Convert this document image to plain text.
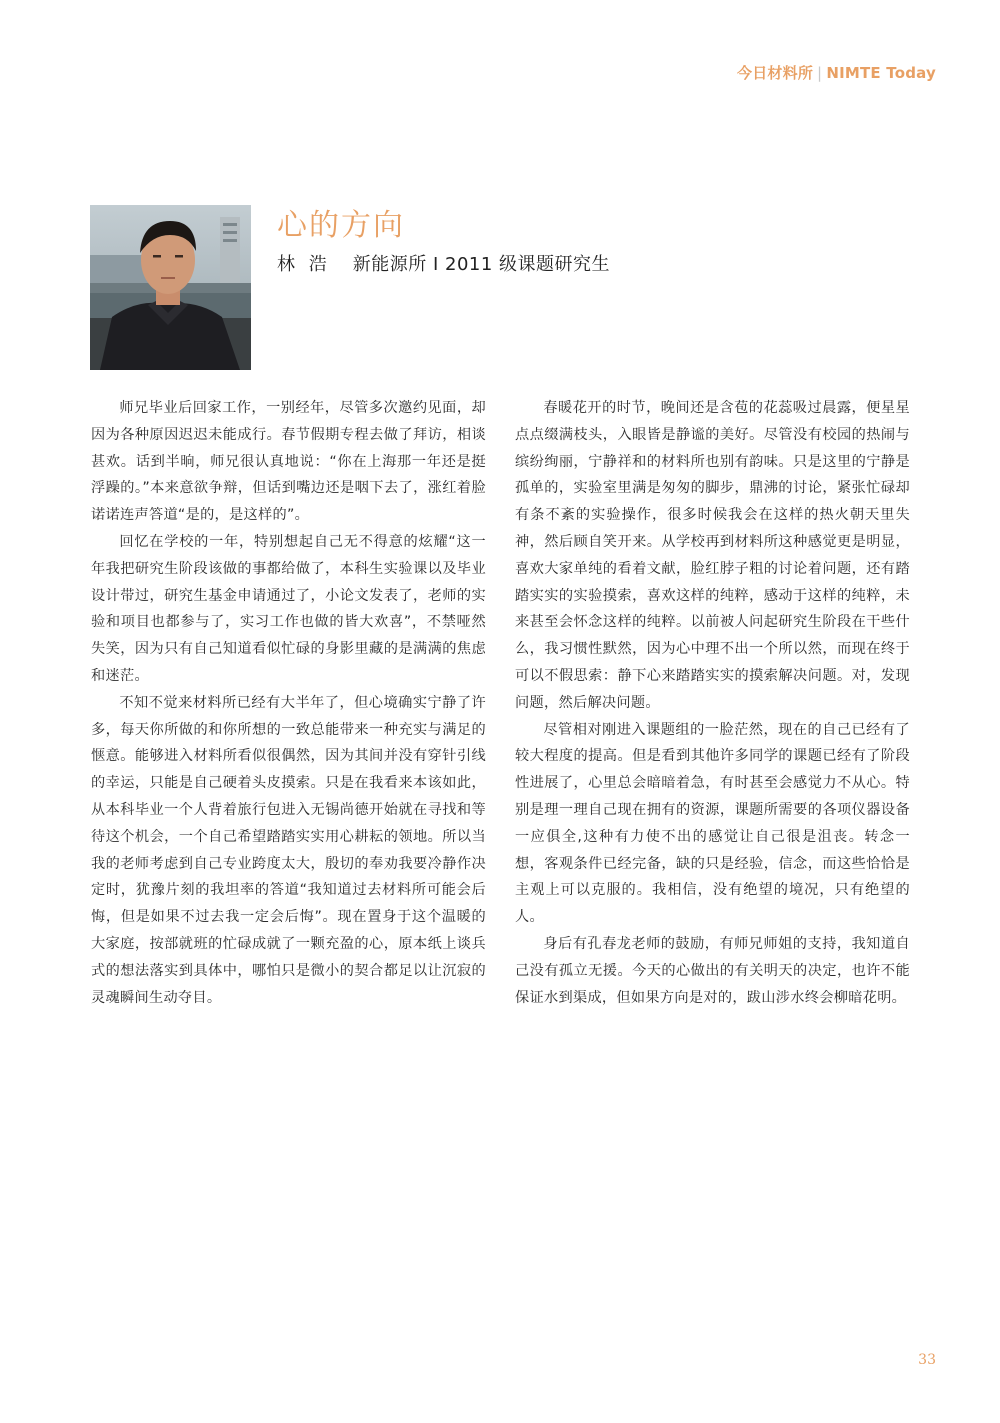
今日材料所 | NIMTE Today
心的方向
林 浩 新能源所 I 2011 级课题研究生

师兄毕业后回家工作，一别经年，尽管多次邀约见面，却因为各种原因迟迟未能成行。春节假期专程去做了拜访，相谈甚欢。话到半晌，师兄很认真地说：“你在上海那一年还是挺浮躁的。”本来意欲争辩，但话到嘴边还是咽下去了，涨红着脸诺诺连声答道“是的，是这样的”。

回忆在学校的一年，特别想起自己无不得意的炫耀“这一年我把研究生阶段该做的事都给做了，本科生实验课以及毕业设计带过，研究生基金申请通过了，小论文发表了，老师的实验和项目也都参与了，实习工作也做的皆大欢喜”，不禁哑然失笑，因为只有自己知道看似忙碌的身影里藏的是满满的焦虑和迷茫。

不知不觉来材料所已经有大半年了，但心境确实宁静了许多，每天你所做的和你所想的一致总能带来一种充实与满足的惬意。能够进入材料所看似很偶然，因为其间并没有穿针引线的幸运，只能是自己硬着头皮摸索。只是在我看来本该如此，从本科毕业一个人背着旅行包进入无锡尚德开始就在寻找和等待这个机会，一个自己希望踏踏实实用心耕耘的领地。所以当我的老师考虑到自己专业跨度太大，殷切的奉劝我要冷静作决定时，犹豫片刻的我坦率的答道“我知道过去材料所可能会后悔，但是如果不过去我一定会后悔”。现在置身于这个温暖的大家庭，按部就班的忙碌成就了一颗充盈的心，原本纸上谈兵式的想法落实到具体中，哪怕只是微小的契合都足以让沉寂的灵魂瞬间生动夺目。

春暖花开的时节，晚间还是含苞的花蕊吸过晨露，便星星点点缀满枝头，入眼皆是静谧的美好。尽管没有校园的热闹与缤纷绚丽，宁静祥和的材料所也别有韵味。只是这里的宁静是孤单的，实验室里满是匆匆的脚步，鼎沸的讨论，紧张忙碌却有条不紊的实验操作，很多时候我会在这样的热火朝天里失神，然后顾自笑开来。从学校再到材料所这种感觉更是明显，喜欢大家单纯的看着文献，脸红脖子粗的讨论着问题，还有踏踏实实的实验摸索，喜欢这样的纯粹，感动于这样的纯粹，未来甚至会怀念这样的纯粹。以前被人问起研究生阶段在干些什么，我习惯性默然，因为心中理不出一个所以然，而现在终于可以不假思索：静下心来踏踏实实的摸索解决问题。对，发现问题，然后解决问题。

尽管相对刚进入课题组的一脸茫然，现在的自己已经有了较大程度的提高。但是看到其他许多同学的课题已经有了阶段性进展了，心里总会暗暗着急，有时甚至会感觉力不从心。特别是理一理自己现在拥有的资源，课题所需要的各项仪器设备一应俱全,这种有力使不出的感觉让自己很是沮丧。转念一想，客观条件已经完备，缺的只是经验，信念，而这些恰恰是主观上可以克服的。我相信，没有绝望的境况，只有绝望的人。

身后有孔春龙老师的鼓励，有师兄师姐的支持，我知道自己没有孤立无援。今天的心做出的有关明天的决定，也许不能保证水到渠成，但如果方向是对的，跋山涉水终会柳暗花明。

33
